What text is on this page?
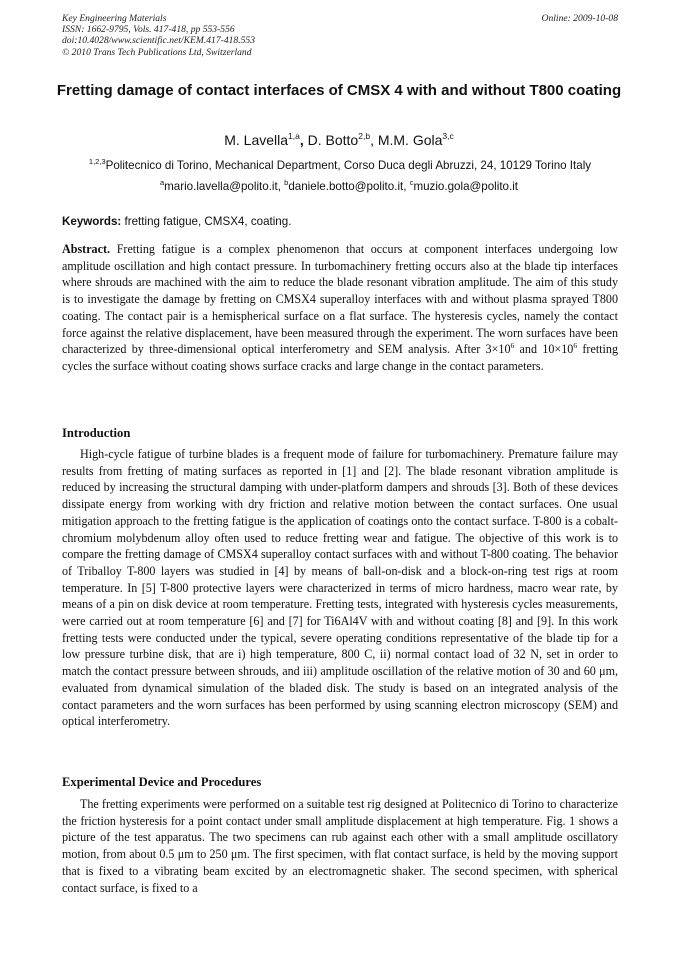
Key Engineering Materials
ISSN: 1662-9795, Vols. 417-418, pp 553-556
doi:10.4028/www.scientific.net/KEM.417-418.553
© 2010 Trans Tech Publications Ltd, Switzerland
Online: 2009-10-08
Fretting damage of contact interfaces of CMSX 4 with and without T800 coating
M. Lavella$^{1,a}$, D. Botto$^{2,b}$, M.M. Gola$^{3,c}$
$^{1,2,3}$Politecnico di Torino, Mechanical Department, Corso Duca degli Abruzzi, 24, 10129 Torino Italy
$^a$mario.lavella@polito.it, $^b$daniele.botto@polito.it, $^c$muzio.gola@polito.it
Keywords: fretting fatigue, CMSX4, coating.
Abstract. Fretting fatigue is a complex phenomenon that occurs at component interfaces undergoing low amplitude oscillation and high contact pressure. In turbomachinery fretting occurs also at the blade tip interfaces where shrouds are machined with the aim to reduce the blade resonant vibration amplitude. The aim of this study is to investigate the damage by fretting on CMSX4 superalloy interfaces with and without plasma sprayed T800 coating. The contact pair is a hemispherical surface on a flat surface. The hysteresis cycles, namely the contact force against the relative displacement, have been measured through the experiment. The worn surfaces have been characterized by three-dimensional optical interferometry and SEM analysis. After $3\times 10^6$ and $10\times 10^6$ fretting cycles the surface without coating shows surface cracks and large change in the contact parameters.
Introduction
High-cycle fatigue of turbine blades is a frequent mode of failure for turbomachinery. Premature failure may results from fretting of mating surfaces as reported in [1] and [2]. The blade resonant vibration amplitude is reduced by increasing the structural damping with under-platform dampers and shrouds [3]. Both of these devices dissipate energy from working with dry friction and relative motion between the contact surfaces. One usual mitigation approach to the fretting fatigue is the application of coatings onto the contact surface. T-800 is a cobalt-chromium molybdenum alloy often used to reduce fretting wear and fatigue. The objective of this work is to compare the fretting damage of CMSX4 superalloy contact surfaces with and without T-800 coating. The behavior of Triballoy T-800 layers was studied in [4] by means of ball-on-disk and a block-on-ring test rigs at room temperature. In [5] T-800 protective layers were characterized in terms of micro hardness, macro wear rate, by means of a pin on disk device at room temperature. Fretting tests, integrated with hysteresis cycles measurements, were carried out at room temperature [6] and [7] for Ti6Al4V with and without coating [8] and [9]. In this work fretting tests were conducted under the typical, severe operating conditions representative of the blade tip for a low pressure turbine disk, that are i) high temperature, 800 C, ii) normal contact load of 32 N, set in order to match the contact pressure between shrouds, and iii) amplitude oscillation of the relative motion of 30 and 60 μm, evaluated from dynamical simulation of the bladed disk. The study is based on an integrated analysis of the contact parameters and the worn surfaces has been performed by using scanning electron microscopy (SEM) and optical interferometry.
Experimental Device and Procedures
The fretting experiments were performed on a suitable test rig designed at Politecnico di Torino to characterize the friction hysteresis for a point contact under small amplitude displacement at high temperature. Fig. 1 shows a picture of the test apparatus. The two specimens can rub against each other with a small amplitude oscillatory motion, from about 0.5 μm to 250 μm. The first specimen, with flat contact surface, is held by the moving support that is fixed to a vibrating beam excited by an electromagnetic shaker. The second specimen, with spherical contact surface, is fixed to a
